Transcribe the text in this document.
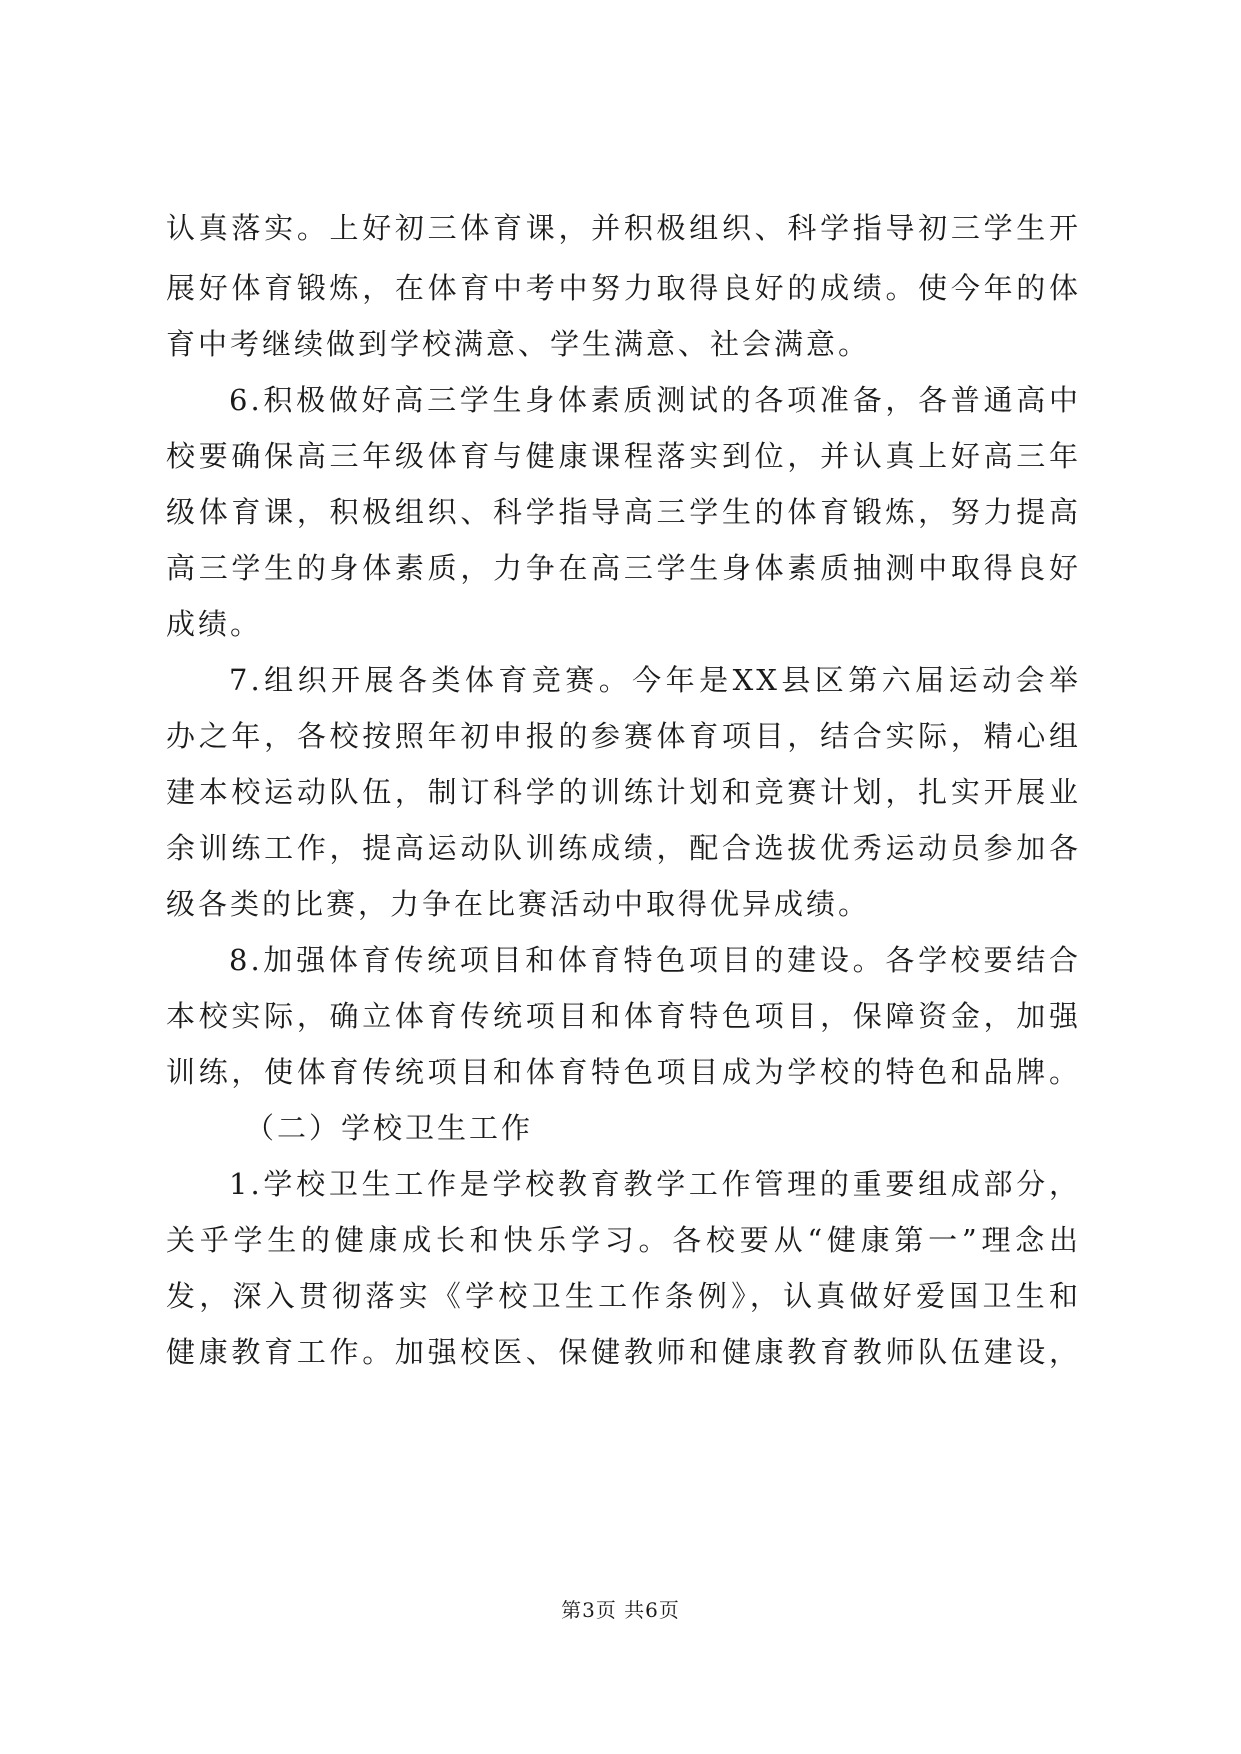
认真落实。上好初三体育课，并积极组织、科学指导初三学生开
展好体育锻炼，在体育中考中努力取得良好的成绩。使今年的体
育中考继续做到学校满意、学生满意、社会满意。
6.积极做好高三学生身体素质测试的各项准备，各普通高中
校要确保高三年级体育与健康课程落实到位，并认真上好高三年
级体育课，积极组织、科学指导高三学生的体育锻炼，努力提高
高三学生的身体素质，力争在高三学生身体素质抽测中取得良好
成绩。
7.组织开展各类体育竞赛。今年是XX县区第六届运动会举
办之年，各校按照年初申报的参赛体育项目，结合实际，精心组
建本校运动队伍，制订科学的训练计划和竞赛计划，扎实开展业
余训练工作，提高运动队训练成绩，配合选拔优秀运动员参加各
级各类的比赛，力争在比赛活动中取得优异成绩。
8.加强体育传统项目和体育特色项目的建设。各学校要结合
本校实际，确立体育传统项目和体育特色项目，保障资金，加强
训练，使体育传统项目和体育特色项目成为学校的特色和品牌。
（二）学校卫生工作
1.学校卫生工作是学校教育教学工作管理的重要组成部分，
关乎学生的健康成长和快乐学习。各校要从“健康第一”理念出
发，深入贯彻落实《学校卫生工作条例》，认真做好爱国卫生和
健康教育工作。加强校医、保健教师和健康教育教师队伍建设，
第3页 共6页
